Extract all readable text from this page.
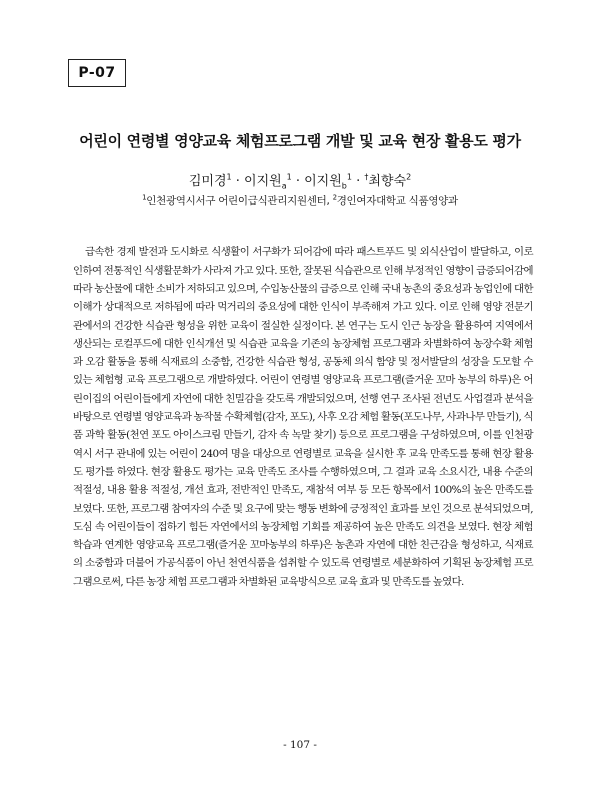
P-07
어린이 연령별 영양교육 체험프로그램 개발 및 교육 현장 활용도 평가
김미경$^1$ · 이지원$_a^1$ · 이지원$_b^1$ · †최향숙$^2$
$^1$인천광역시서구 어린이급식관리지원센터, $^2$경인여자대학교 식품영양과

급속한 경제 발전과 도시화로 식생활이 서구화가 되어감에 따라 패스트푸드 및 외식산업이 발달하고, 이로 인하여 전통적인 식생활문화가 사라져 가고 있다. 또한, 잘못된 식습관으로 인해 부정적인 영향이 급증되어감에 따라 농산물에 대한 소비가 저하되고 있으며, 수입농산물의 급증으로 인해 국내 농촌의 중요성과 농업인에 대한 이해가 상대적으로 저하됨에 따라 먹거리의 중요성에 대한 인식이 부족해져 가고 있다. 이로 인해 영양 전문기관에서의 건강한 식습관 형성을 위한 교육이 절실한 실정이다. 본 연구는 도시 인근 농장을 활용하여 지역에서 생산되는 로컬푸드에 대한 인식개선 및 식습관 교육을 기존의 농장체험 프로그램과 차별화하여 농장수확 체험과 오감 활동을 통해 식재료의 소중함, 건강한 식습관 형성, 공동체 의식 함양 및 정서발달의 성장을 도모할 수 있는 체험형 교육 프로그램으로 개발하였다. 어린이 연령별 영양교육 프로그램(즐거운 꼬마 농부의 하루)은 어린이집의 어린이들에게 자연에 대한 친밀감을 갖도록 개발되었으며, 선행 연구 조사된 전년도 사업결과 분석을 바탕으로 연령별 영양교육과 농작물 수확체험(감자, 포도), 사후 오감 체험 활동(포도나무, 사과나무 만들기), 식품 과학 활동(천연 포도 아이스크림 만들기, 감자 속 녹말 찾기) 등으로 프로그램을 구성하였으며, 이를 인천광역시 서구 관내에 있는 어린이 240여 명을 대상으로 연령별로 교육을 실시한 후 교육 만족도를 통해 현장 활용도 평가를 하였다. 현장 활용도 평가는 교육 만족도 조사를 수행하였으며, 그 결과 교육 소요시간, 내용 수준의 적절성, 내용 활용 적절성, 개선 효과, 전반적인 만족도, 재참석 여부 등 모든 항목에서 100%의 높은 만족도를 보였다. 또한, 프로그램 참여자의 수준 및 요구에 맞는 행동 변화에 긍정적인 효과를 보인 것으로 분석되었으며, 도심 속 어린이들이 접하기 힘든 자연에서의 농장체험 기회를 제공하여 높은 만족도 의견을 보였다. 현장 체험학습과 연계한 영양교육 프로그램(즐거운 꼬마농부의 하루)은 농촌과 자연에 대한 친근감을 형성하고, 식재료의 소중함과 더불어 가공식품이 아닌 천연식품을 섭취할 수 있도록 연령별로 세분화하여 기획된 농장체험 프로그램으로써, 다른 농장 체험 프로그램과 차별화된 교육방식으로 교육 효과 및 만족도를 높였다.

- 107 -
